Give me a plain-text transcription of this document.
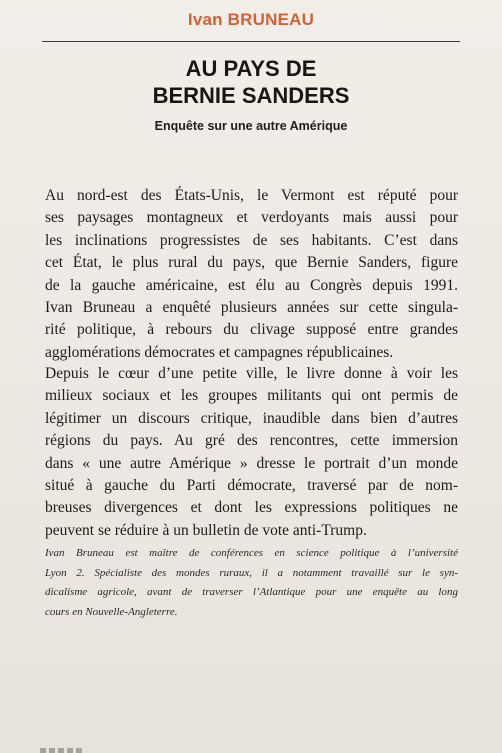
Ivan BRUNEAU
AU PAYS DE
BERNIE SANDERS
Enquête sur une autre Amérique

Au nord-est des États-Unis, le Vermont est réputé pour
ses paysages montagneux et verdoyants mais aussi pour
les inclinations progressistes de ses habitants. C’est dans
cet État, le plus rural du pays, que Bernie Sanders, figure
de la gauche américaine, est élu au Congrès depuis 1991.
Ivan Bruneau a enquêté plusieurs années sur cette singula-
rité politique, à rebours du clivage supposé entre grandes
agglomérations démocrates et campagnes républicaines.

Depuis le cœur d’une petite ville, le livre donne à voir les
milieux sociaux et les groupes militants qui ont permis de
légitimer un discours critique, inaudible dans bien d’autres
régions du pays. Au gré des rencontres, cette immersion
dans « une autre Amérique » dresse le portrait d’un monde
situé à gauche du Parti démocrate, traversé par de nom-
breuses divergences et dont les expressions politiques ne
peuvent se réduire à un bulletin de vote anti-Trump.

Ivan Bruneau est maître de conférences en science politique à l’université
Lyon 2. Spécialiste des mondes ruraux, il a notamment travaillé sur le syn-
dicalisme agricole, avant de traverser l’Atlantique pour une enquête au long
cours en Nouvelle-Angleterre.
